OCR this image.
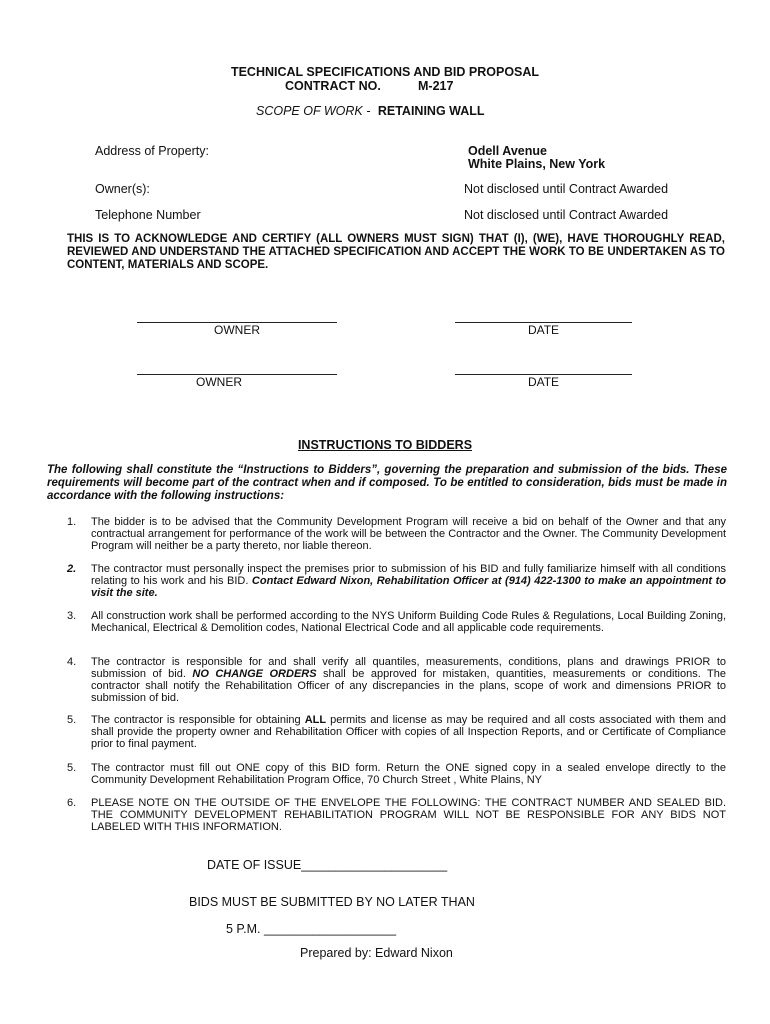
TECHNICAL SPECIFICATIONS AND BID PROPOSAL
CONTRACT NO.	M-217
SCOPE OF WORK - RETAINING WALL
Address of Property:	Odell Avenue
White Plains, New York
Owner(s):	Not disclosed until Contract Awarded
Telephone Number	Not disclosed until Contract Awarded
THIS IS TO ACKNOWLEDGE AND CERTIFY (ALL OWNERS MUST SIGN) THAT (I), (WE), HAVE THOROUGHLY READ, REVIEWED AND UNDERSTAND THE ATTACHED SPECIFICATION AND ACCEPT THE WORK TO BE UNDERTAKEN AS TO CONTENT, MATERIALS AND SCOPE.
OWNER	DATE
OWNER	DATE
INSTRUCTIONS TO BIDDERS
The following shall constitute the “Instructions to Bidders”, governing the preparation and submission of the bids. These requirements will become part of the contract when and if composed. To be entitled to consideration, bids must be made in accordance with the following instructions:
1. The bidder is to be advised that the Community Development Program will receive a bid on behalf of the Owner and that any contractual arrangement for performance of the work will be between the Contractor and the Owner. The Community Development Program will neither be a party thereto, nor liable thereon.
2. The contractor must personally inspect the premises prior to submission of his BID and fully familiarize himself with all conditions relating to his work and his BID. Contact Edward Nixon, Rehabilitation Officer at (914) 422-1300 to make an appointment to visit the site.
3. All construction work shall be performed according to the NYS Uniform Building Code Rules & Regulations, Local Building Zoning, Mechanical, Electrical & Demolition codes, National Electrical Code and all applicable code requirements.
4. The contractor is responsible for and shall verify all quantiles, measurements, conditions, plans and drawings PRIOR to submission of bid. NO CHANGE ORDERS shall be approved for mistaken, quantities, measurements or conditions. The contractor shall notify the Rehabilitation Officer of any discrepancies in the plans, scope of work and dimensions PRIOR to submission of bid.
5. The contractor is responsible for obtaining ALL permits and license as may be required and all costs associated with them and shall provide the property owner and Rehabilitation Officer with copies of all Inspection Reports, and or Certificate of Compliance prior to final payment.
5. The contractor must fill out ONE copy of this BID form. Return the ONE signed copy in a sealed envelope directly to the Community Development Rehabilitation Program Office, 70 Church Street , White Plains, NY
6. PLEASE NOTE ON THE OUTSIDE OF THE ENVELOPE THE FOLLOWING: THE CONTRACT NUMBER AND SEALED BID. THE COMMUNITY DEVELOPMENT REHABILITATION PROGRAM WILL NOT BE RESPONSIBLE FOR ANY BIDS NOT LABELED WITH THIS INFORMATION.
DATE OF ISSUE_____________________
BIDS MUST BE SUBMITTED BY NO LATER THAN
5 P.M. ___________________
Prepared by: Edward Nixon
